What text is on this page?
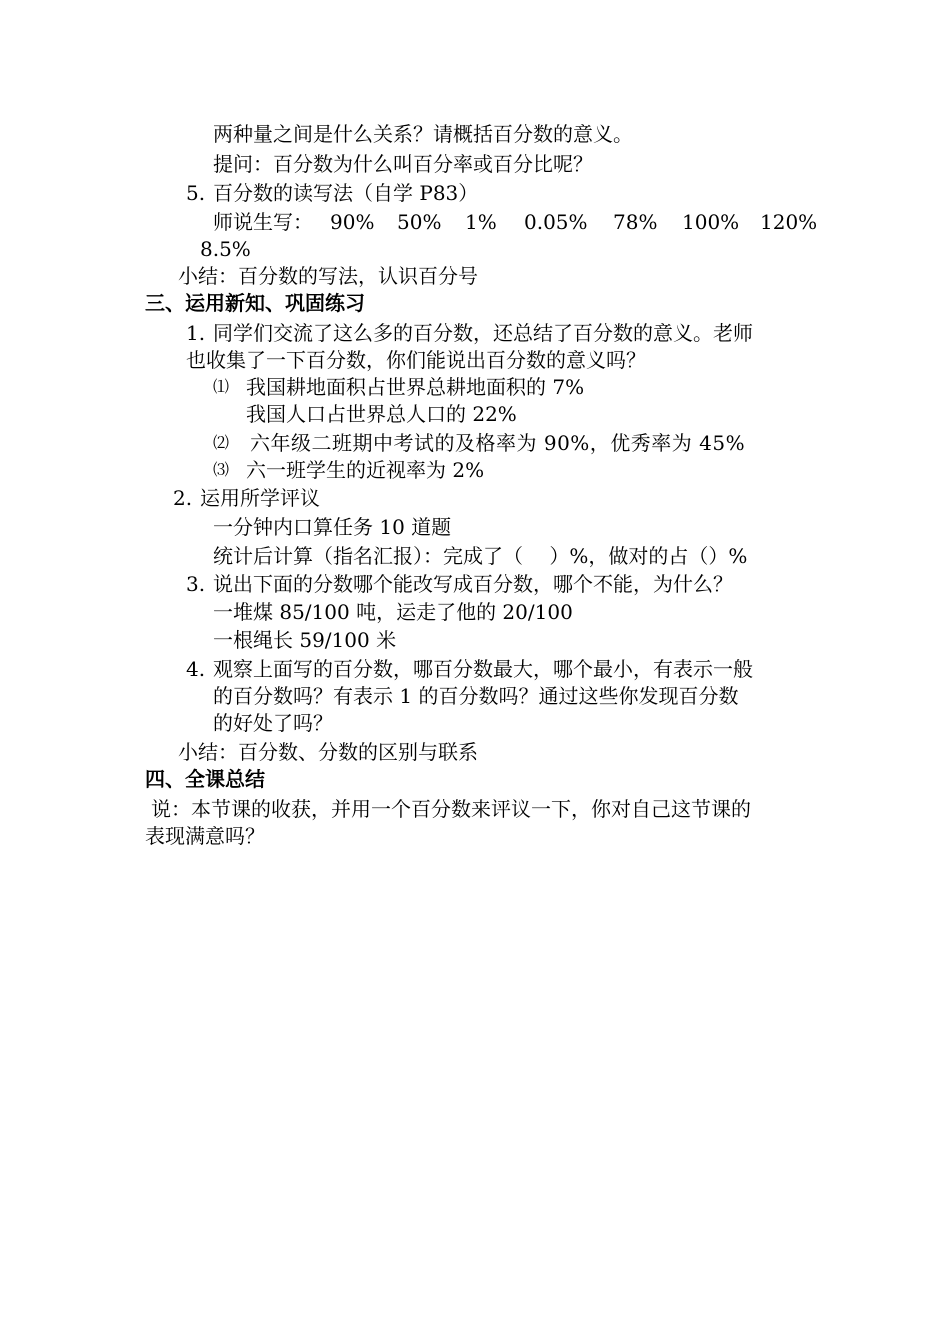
两种量之间是什么关系？请概括百分数的意义。
提问：百分数为什么叫百分率或百分比呢？
5. 百分数的读写法（自学 P83）
师说生写： 90% 50% 1% 0.05% 78% 100% 120%
8.5%
小结：百分数的写法，认识百分号
三、运用新知、巩固练习
1. 同学们交流了这么多的百分数，还总结了百分数的意义。老师
也收集了一下百分数，你们能说出百分数的意义吗？
⑴ 我国耕地面积占世界总耕地面积的 7%
我国人口占世界总人口的 22%
⑵ 六年级二班期中考试的及格率为 90%，优秀率为 45%
⑶ 六一班学生的近视率为 2%
2. 运用所学评议
一分钟内口算任务 10 道题
统计后计算（指名汇报）：完成了（　 ）%，做对的占（）%
3. 说出下面的分数哪个能改写成百分数，哪个不能，为什么？
一堆煤 85/100 吨，运走了他的 20/100
一根绳长 59/100 米
4. 观察上面写的百分数，哪百分数最大，哪个最小，有表示一般
的百分数吗？有表示 1 的百分数吗？通过这些你发现百分数
的好处了吗？
小结：百分数、分数的区别与联系
四、全课总结
说：本节课的收获，并用一个百分数来评议一下，你对自己这节课的
表现满意吗？
